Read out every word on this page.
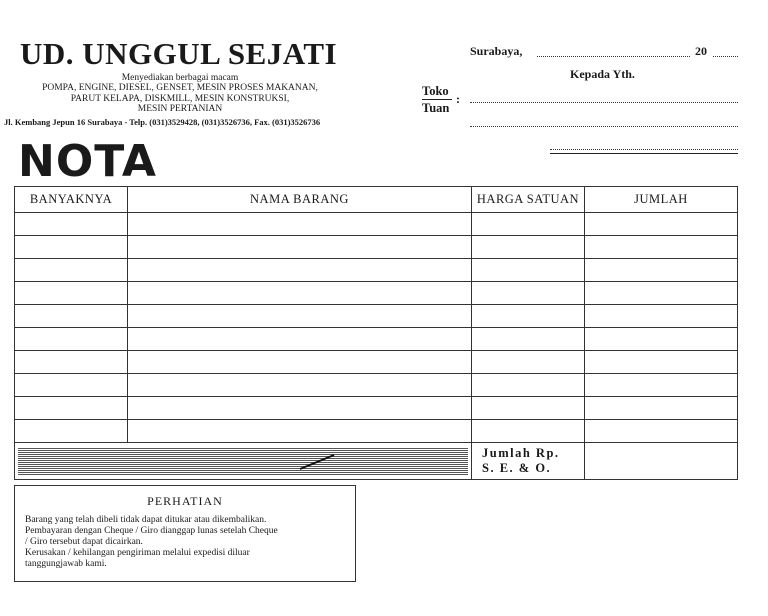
UD. UNGGUL SEJATI
Menyediakan berbagai macam
POMPA, ENGINE, DIESEL, GENSET, MESIN PROSES MAKANAN,
PARUT KELAPA, DISKMILL, MESIN KONSTRUKSI,
MESIN PERTANIAN
Jl. Kembang Jepun 16 Surabaya - Telp. (031)3529428, (031)3526736, Fax. (031)3526736
NOTA
Surabaya,	20
Kepada Yth.
Toko
Tuan
:
BANYAKNYA	NAMA BARANG	HARGA SATUAN	JUMLAH

Jumlah Rp.
S. E. & O.	

PERHATIAN
Barang yang telah dibeli tidak dapat ditukar atau dikembalikan.
Pembayaran dengan Cheque / Giro dianggap lunas setelah Cheque
/ Giro tersebut dapat dicairkan.
Kerusakan / kehilangan pengiriman melalui expedisi diluar
tanggungjawab kami.
